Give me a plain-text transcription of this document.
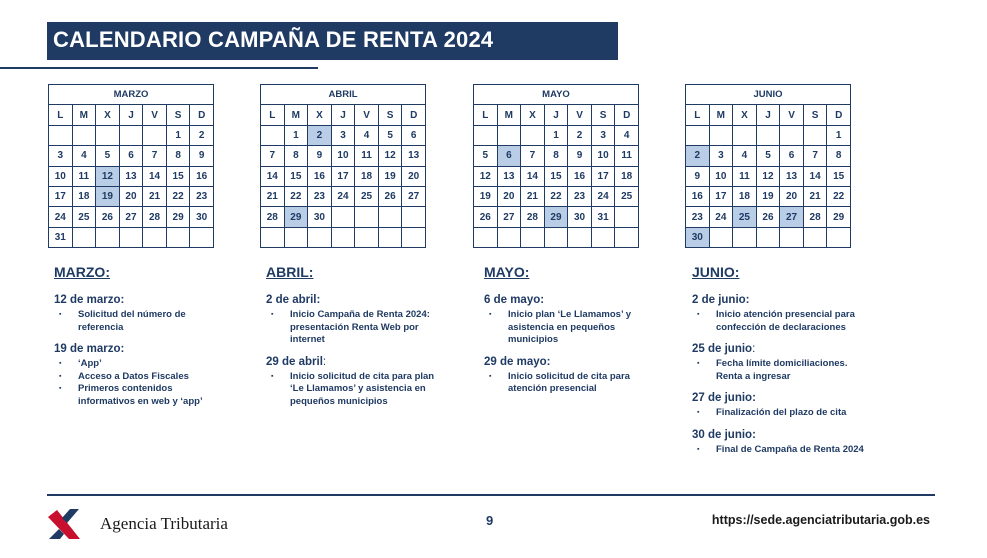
CALENDARIO CAMPAÑA DE RENTA 2024
MARZO						
L	M	X	J	V	S	D
					1	2
3	4	5	6	7	8	9
10	11	12	13	14	15	16
17	18	19	20	21	22	23
24	25	26	27	28	29	30
31						
ABRIL						
L	M	X	J	V	S	D
	1	2	3	4	5	6
7	8	9	10	11	12	13
14	15	16	17	18	19	20
21	22	23	24	25	26	27
28	29	30				

MAYO						
L	M	X	J	V	S	D
			1	2	3	4
5	6	7	8	9	10	11
12	13	14	15	16	17	18
19	20	21	22	23	24	25
26	27	28	29	30	31	

JUNIO						
L	M	X	J	V	S	D
						1
2	3	4	5	6	7	8
9	10	11	12	13	14	15
16	17	18	19	20	21	22
23	24	25	26	27	28	29
30						
MARZO:
12 de marzo:
▪ Solicitud del número de referencia
19 de marzo:
▪ ‘App’
▪ Acceso a Datos Fiscales
▪ Primeros contenidos informativos en web y ‘app’
ABRIL:
2 de abril:
▪ Inicio Campaña de Renta 2024: presentación Renta Web por internet
29 de abril:
▪ Inicio solicitud de cita para plan ‘Le Llamamos’ y asistencia en pequeños municipios
MAYO:
6 de mayo:
▪ Inicio plan ‘Le Llamamos’ y asistencia en pequeños municipios
29 de mayo:
▪ Inicio solicitud de cita para atención presencial
JUNIO:
2 de junio:
▪ Inicio atención presencial para confección de declaraciones
25 de junio:
▪ Fecha límite domiciliaciones. Renta a ingresar
27 de junio:
▪ Finalización del plazo de cita
30 de junio:
▪ Final de Campaña de Renta 2024
Agencia Tributaria	9	https://sede.agenciatributaria.gob.es
